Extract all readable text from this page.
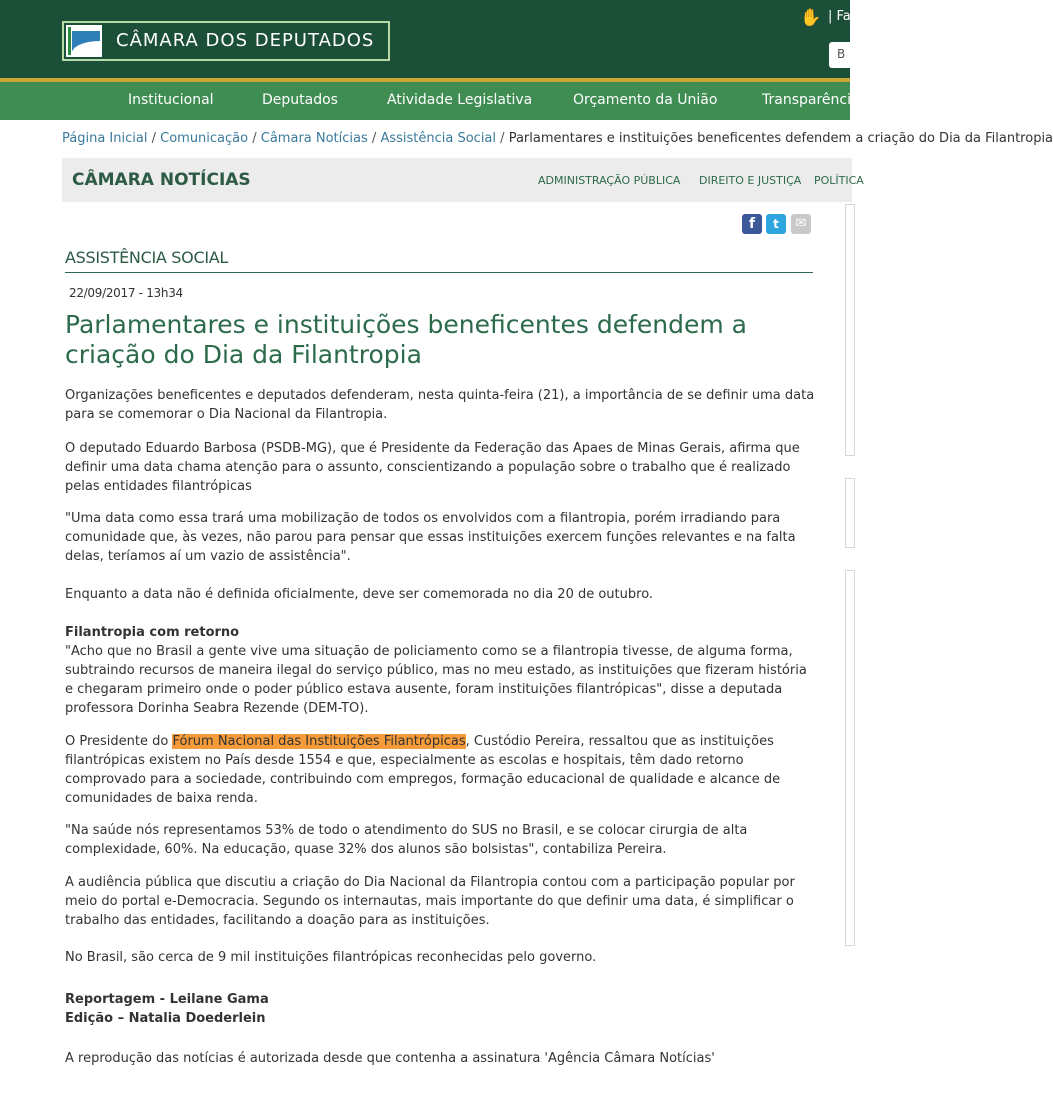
CÂMARA DOS DEPUTADOS
✋ | Fa
B
Institucional	Deputados	Atividade Legislativa	Orçamento da União	Transparência
Página Inicial / Comunicação / Câmara Notícias / Assistência Social / Parlamentares e instituições beneficentes defendem a criação do Dia da Filantropia
CÂMARA NOTÍCIAS	ADMINISTRAÇÃO PÚBLICA DIREITO E JUSTIÇA POLÍTICA
f	t	✉
ASSISTÊNCIA SOCIAL
22/09/2017 - 13h34
Parlamentares e instituições beneficentes defendem a criação do Dia da Filantropia

Organizações beneficentes e deputados defenderam, nesta quinta-feira (21), a importância de se definir uma data para se comemorar o Dia Nacional da Filantropia.

O deputado Eduardo Barbosa (PSDB-MG), que é Presidente da Federação das Apaes de Minas Gerais, afirma que definir uma data chama atenção para o assunto, conscientizando a população sobre o trabalho que é realizado pelas entidades filantrópicas

"Uma data como essa trará uma mobilização de todos os envolvidos com a filantropia, porém irradiando para comunidade que, às vezes, não parou para pensar que essas instituições exercem funções relevantes e na falta delas, teríamos aí um vazio de assistência".

Enquanto a data não é definida oficialmente, deve ser comemorada no dia 20 de outubro.

Filantropia com retorno
"Acho que no Brasil a gente vive uma situação de policiamento como se a filantropia tivesse, de alguma forma, subtraindo recursos de maneira ilegal do serviço público, mas no meu estado, as instituições que fizeram história e chegaram primeiro onde o poder público estava ausente, foram instituições filantrópicas", disse a deputada professora Dorinha Seabra Rezende (DEM-TO).

O Presidente do Fórum Nacional das Instituições Filantrópicas, Custódio Pereira, ressaltou que as instituições filantrópicas existem no País desde 1554 e que, especialmente as escolas e hospitais, têm dado retorno comprovado para a sociedade, contribuindo com empregos, formação educacional de qualidade e alcance de comunidades de baixa renda.

"Na saúde nós representamos 53% de todo o atendimento do SUS no Brasil, e se colocar cirurgia de alta complexidade, 60%. Na educação, quase 32% dos alunos são bolsistas", contabiliza Pereira.

A audiência pública que discutiu a criação do Dia Nacional da Filantropia contou com a participação popular por meio do portal e-Democracia. Segundo os internautas, mais importante do que definir uma data, é simplificar o trabalho das entidades, facilitando a doação para as instituições.

No Brasil, são cerca de 9 mil instituições filantrópicas reconhecidas pelo governo.

Reportagem - Leilane Gama
Edição – Natalia Doederlein

A reprodução das notícias é autorizada desde que contenha a assinatura 'Agência Câmara Notícias'
